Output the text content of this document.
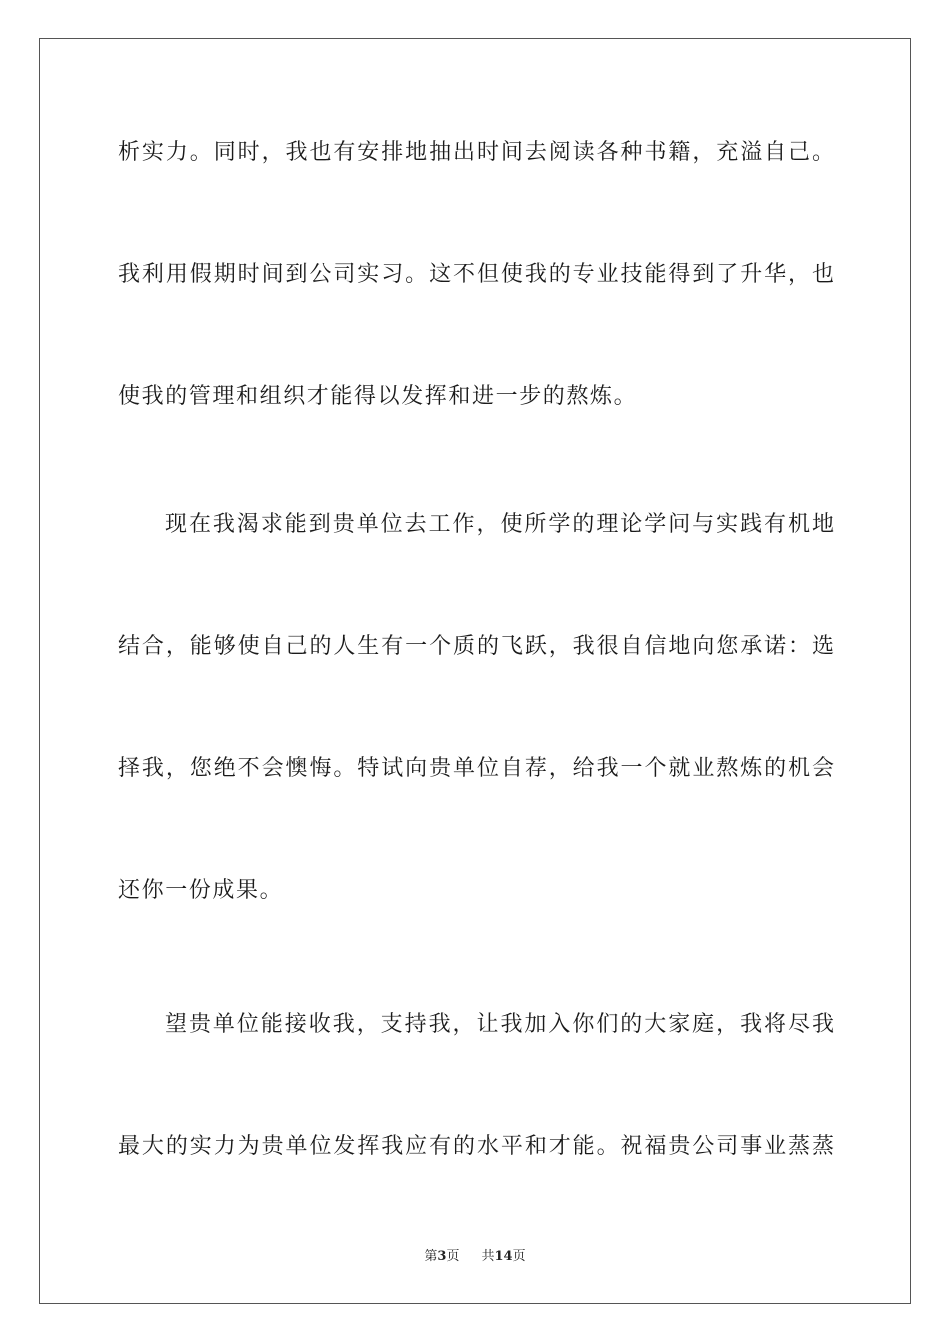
析实力。同时，我也有安排地抽出时间去阅读各种书籍，充溢自己。
我利用假期时间到公司实习。这不但使我的专业技能得到了升华，也
使我的管理和组织才能得以发挥和进一步的熬炼。
现在我渴求能到贵单位去工作，使所学的理论学问与实践有机地
结合，能够使自己的人生有一个质的飞跃，我很自信地向您承诺：选
择我，您绝不会懊悔。特试向贵单位自荐，给我一个就业熬炼的机会
还你一份成果。
望贵单位能接收我，支持我，让我加入你们的大家庭，我将尽我
最大的实力为贵单位发挥我应有的水平和才能。祝福贵公司事业蒸蒸
第3页 共14页
